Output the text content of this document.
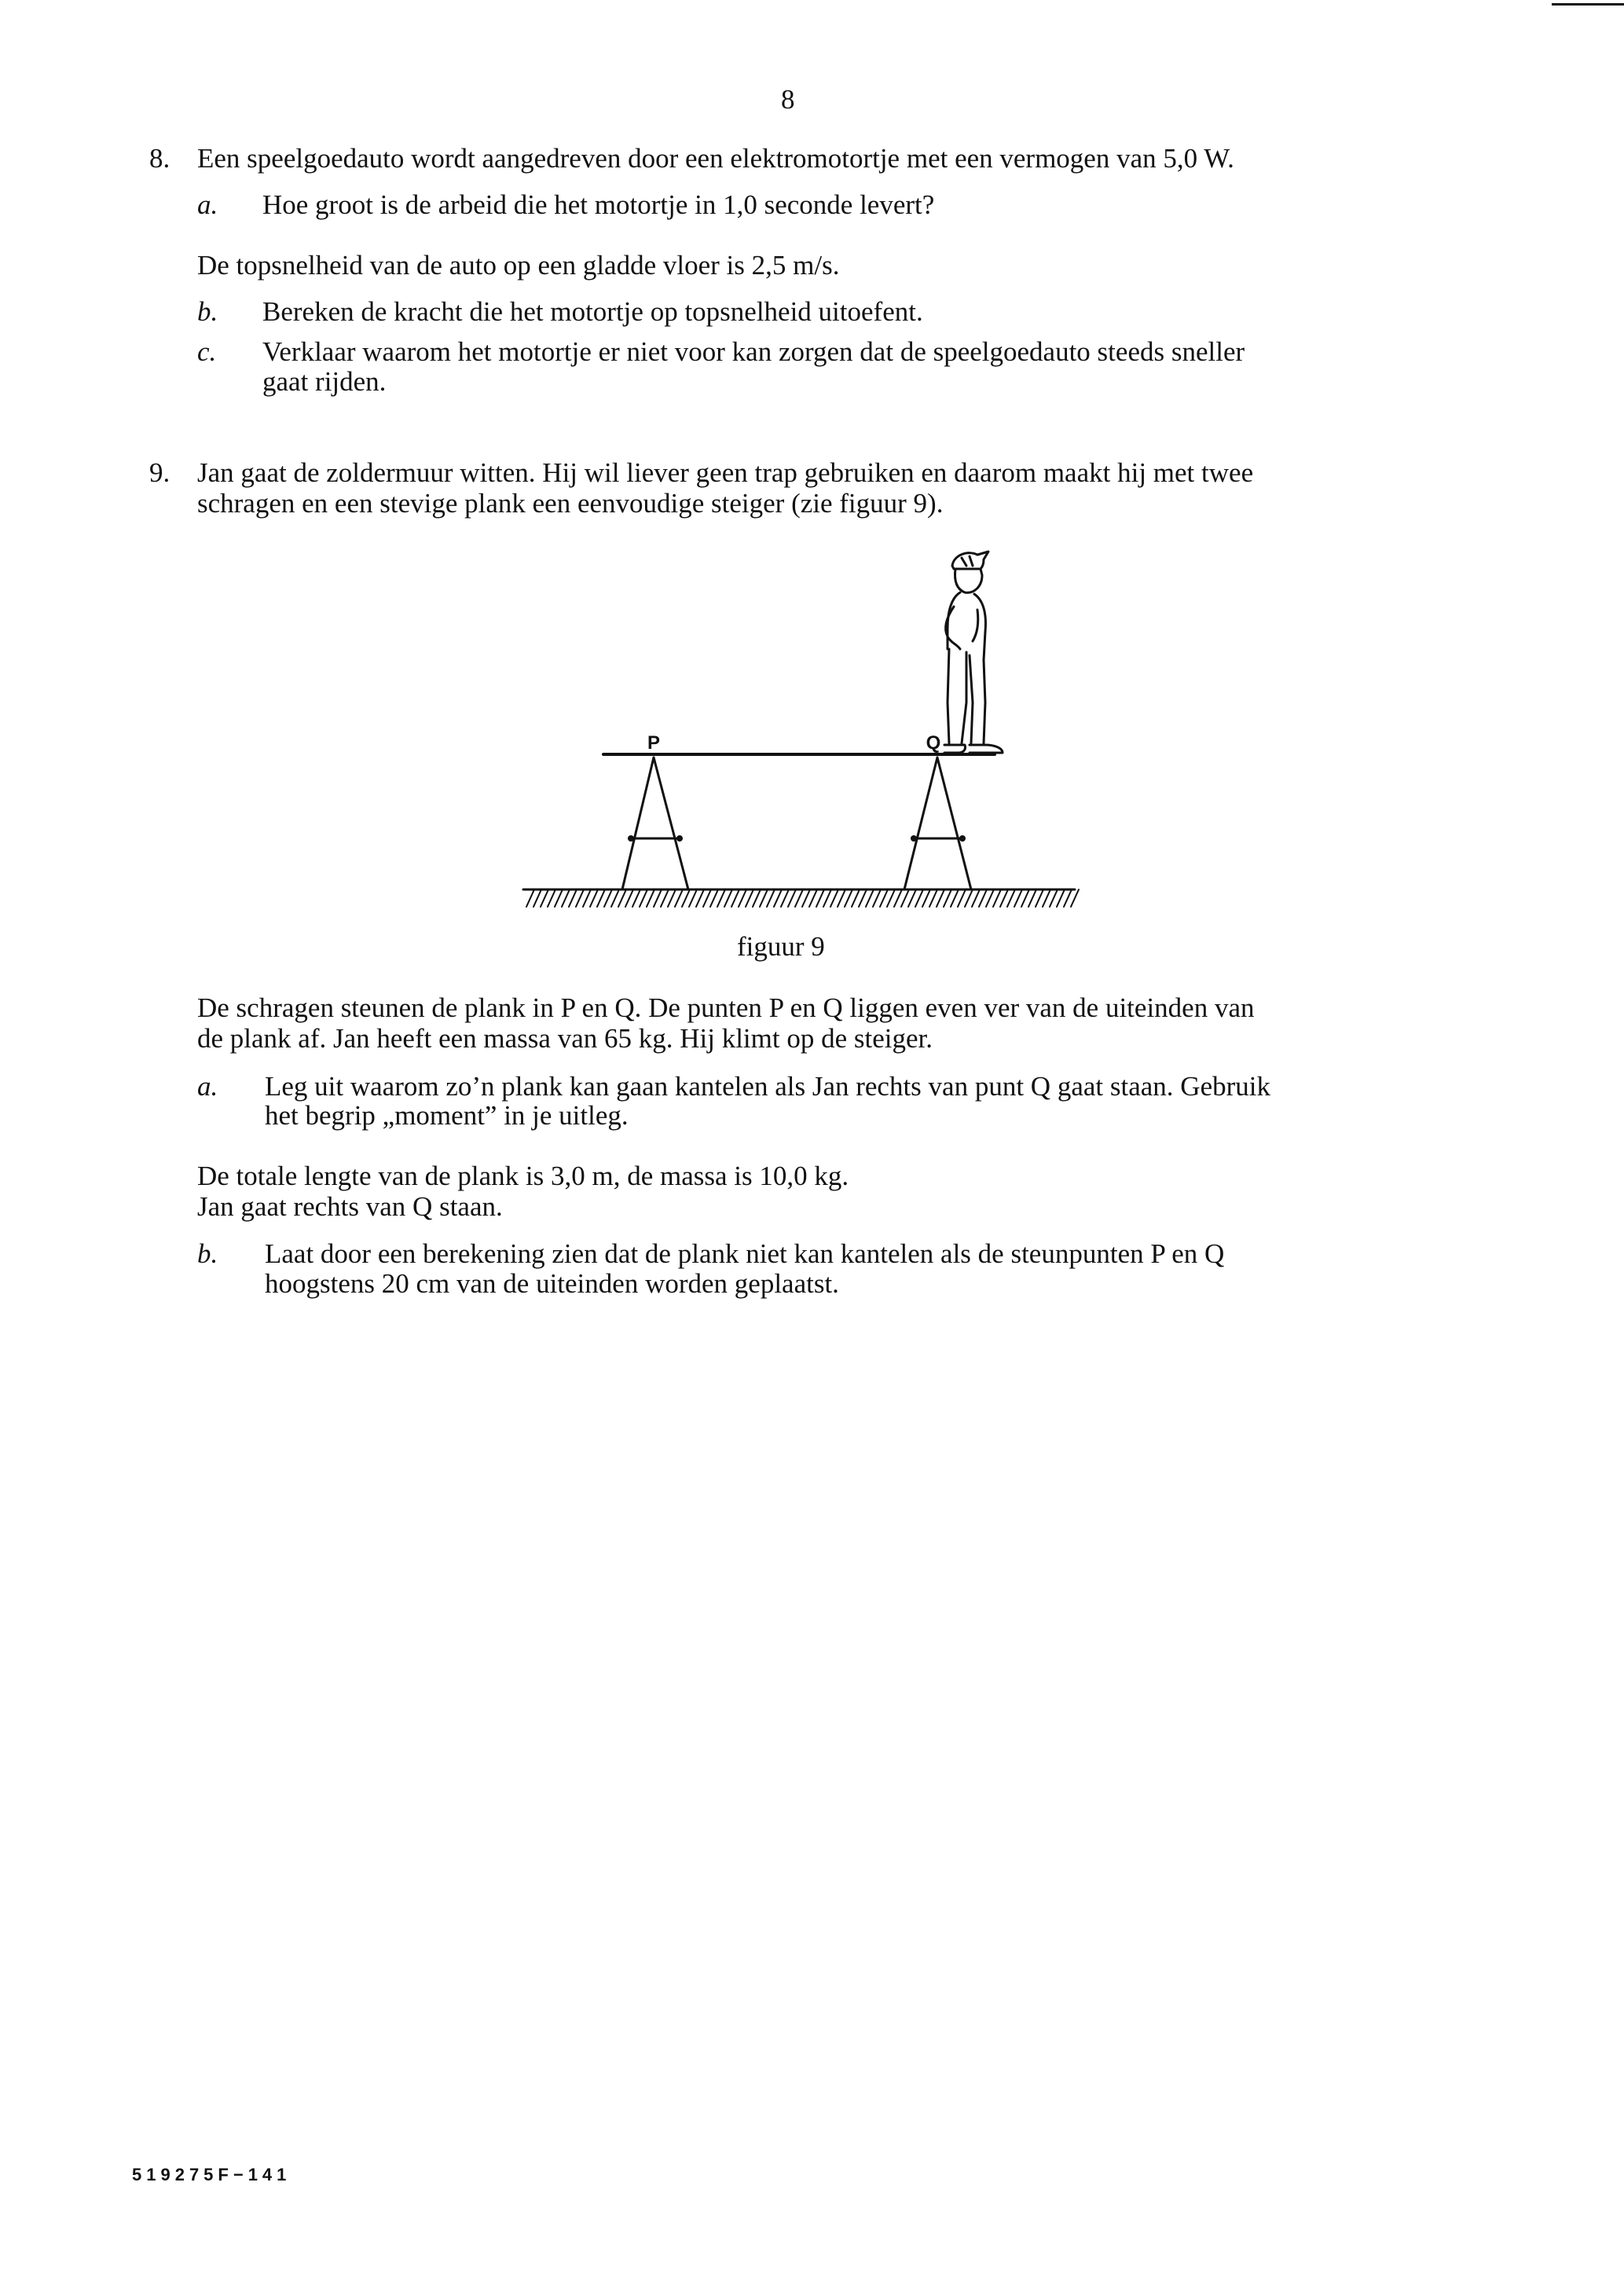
8
8. Een speelgoedauto wordt aangedreven door een elektromotortje met een vermogen van 5,0 W.
a. Hoe groot is de arbeid die het motortje in 1,0 seconde levert?
De topsnelheid van de auto op een gladde vloer is 2,5 m/s.
b. Bereken de kracht die het motortje op topsnelheid uitoefent.
c. Verklaar waarom het motortje er niet voor kan zorgen dat de speelgoedauto steeds sneller
gaat rijden.
9. Jan gaat de zoldermuur witten. Hij wil liever geen trap gebruiken en daarom maakt hij met twee
schragen en een stevige plank een eenvoudige steiger (zie figuur 9).
P	Q
figuur 9
De schragen steunen de plank in P en Q. De punten P en Q liggen even ver van de uiteinden van
de plank af. Jan heeft een massa van 65 kg. Hij klimt op de steiger.
a. Leg uit waarom zo’n plank kan gaan kantelen als Jan rechts van punt Q gaat staan. Gebruik
het begrip „moment” in je uitleg.
De totale lengte van de plank is 3,0 m, de massa is 10,0 kg.
Jan gaat rechts van Q staan.
b. Laat door een berekening zien dat de plank niet kan kantelen als de steunpunten P en Q
hoogstens 20 cm van de uiteinden worden geplaatst.
519275F−141
